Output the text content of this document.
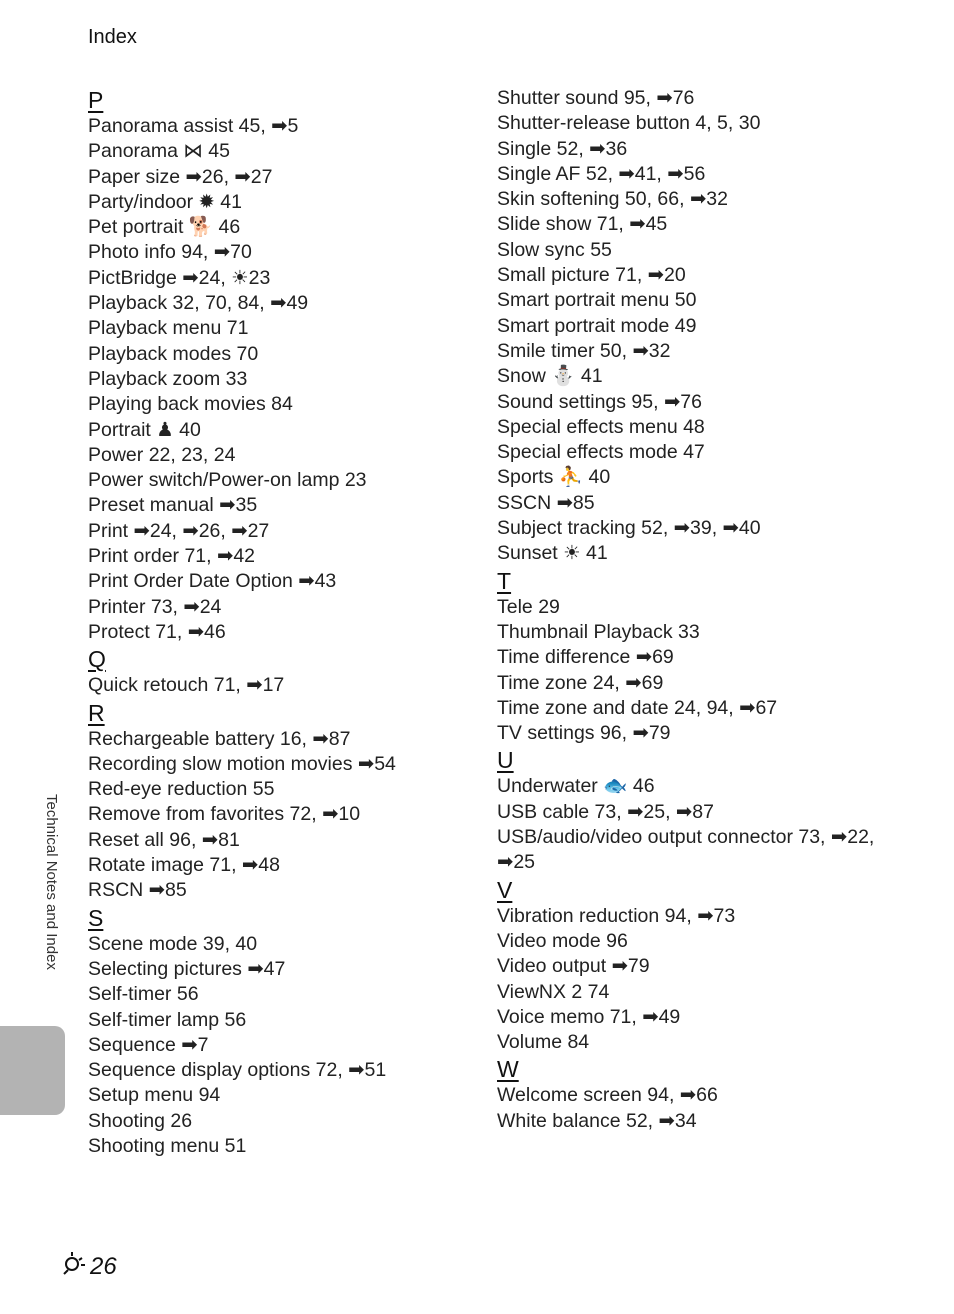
Index
P
Panorama assist 45, ➡5
Panorama ⋈ 45
Paper size ➡26, ➡27
Party/indoor ✹ 41
Pet portrait 🐕 46
Photo info 94, ➡70
PictBridge ➡24, ☀23
Playback 32, 70, 84, ➡49
Playback menu 71
Playback modes 70
Playback zoom 33
Playing back movies 84
Portrait ♟ 40
Power 22, 23, 24
Power switch/Power-on lamp 23
Preset manual ➡35
Print ➡24, ➡26, ➡27
Print order 71, ➡42
Print Order Date Option ➡43
Printer 73, ➡24
Protect 71, ➡46
Q
Quick retouch 71, ➡17
R
Rechargeable battery 16, ➡87
Recording slow motion movies ➡54
Red-eye reduction 55
Remove from favorites 72, ➡10
Reset all 96, ➡81
Rotate image 71, ➡48
RSCN ➡85
S
Scene mode 39, 40
Selecting pictures ➡47
Self-timer 56
Self-timer lamp 56
Sequence ➡7
Sequence display options 72, ➡51
Setup menu 94
Shooting 26
Shooting menu 51
Shutter sound 95, ➡76
Shutter-release button 4, 5, 30
Single 52, ➡36
Single AF 52, ➡41, ➡56
Skin softening 50, 66, ➡32
Slide show 71, ➡45
Slow sync 55
Small picture 71, ➡20
Smart portrait menu 50
Smart portrait mode 49
Smile timer 50, ➡32
Snow ⛄ 41
Sound settings 95, ➡76
Special effects menu 48
Special effects mode 47
Sports ⛹ 40
SSCN ➡85
Subject tracking 52, ➡39, ➡40
Sunset ☀ 41
T
Tele 29
Thumbnail Playback 33
Time difference ➡69
Time zone 24, ➡69
Time zone and date 24, 94, ➡67
TV settings 96, ➡79
U
Underwater 🐟 46
USB cable 73, ➡25, ➡87
USB/audio/video output connector 73, ➡22, ➡25
V
Vibration reduction 94, ➡73
Video mode 96
Video output ➡79
ViewNX 2 74
Voice memo 71, ➡49
Volume 84
W
Welcome screen 94, ➡66
White balance 52, ➡34
Technical Notes and Index
26
